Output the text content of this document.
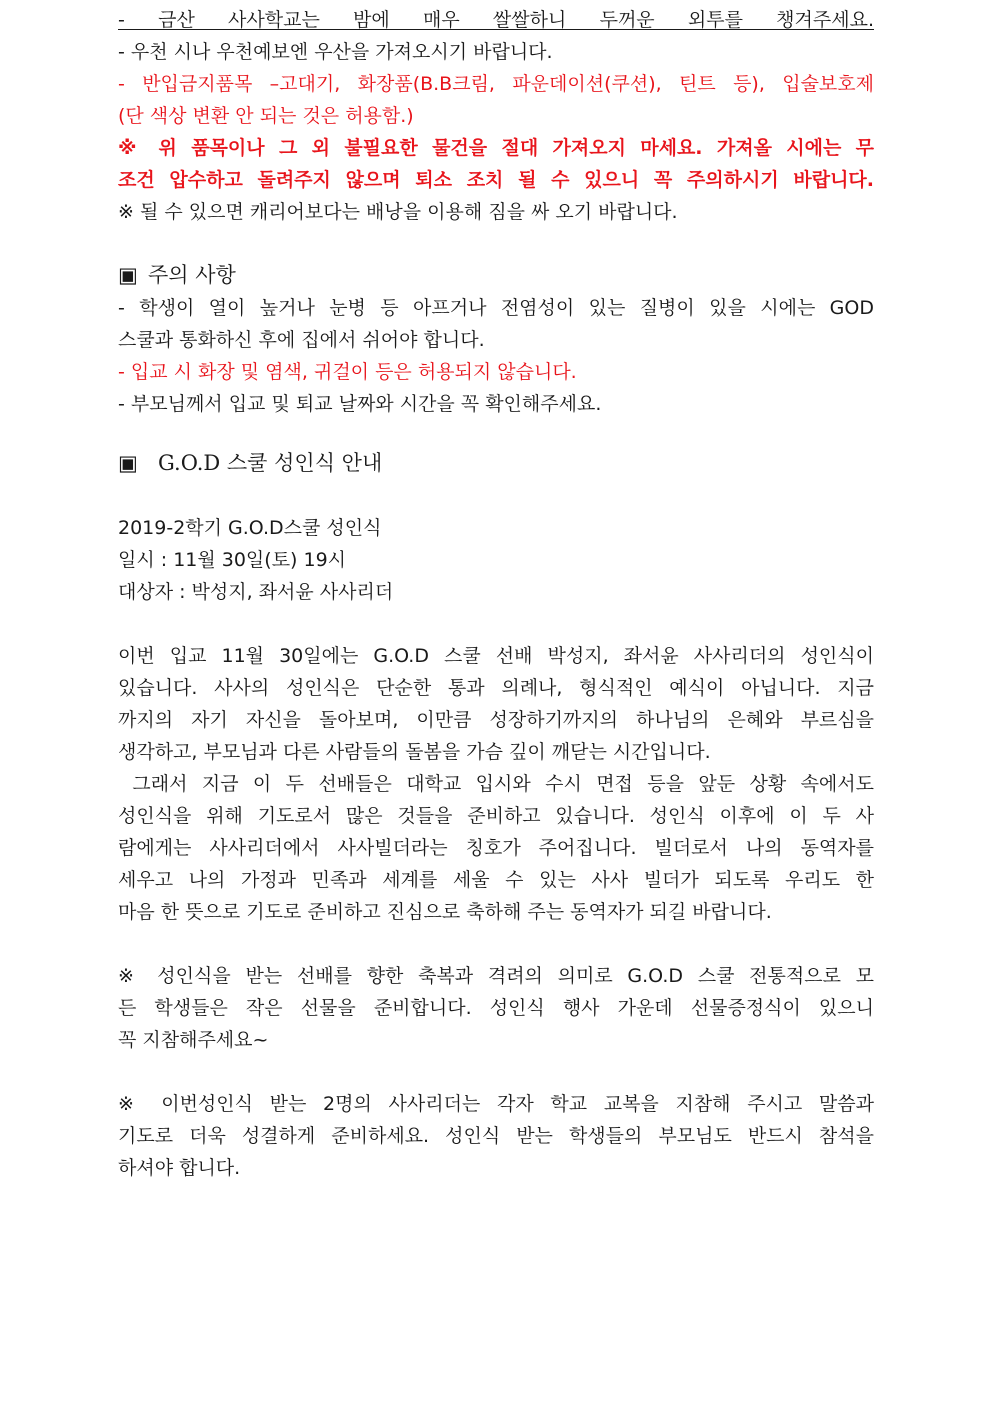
- 금산 사사학교는 밤에 매우 쌀쌀하니 두꺼운 외투를 챙겨주세요.
- 우천 시나 우천예보엔 우산을 가져오시기 바랍니다.
- 반입금지품목 –고대기, 화장품(B.B크림, 파운데이션(쿠션), 틴트 등), 입술보호제
(단 색상 변환 안 되는 것은 허용함.)
※ 위 품목이나 그 외 불필요한 물건을 절대 가져오지 마세요. 가져올 시에는 무
조건 압수하고 돌려주지 않으며 퇴소 조치 될 수 있으니 꼭 주의하시기 바랍니다.
※ 될 수 있으면 캐리어보다는 배낭을 이용해 짐을 싸 오기 바랍니다.
▣ 주의 사항
- 학생이 열이 높거나 눈병 등 아프거나 전염성이 있는 질병이 있을 시에는 GOD
스쿨과 통화하신 후에 집에서 쉬어야 합니다.
- 입교 시 화장 및 염색, 귀걸이 등은 허용되지 않습니다.
- 부모님께서 입교 및 퇴교 날짜와 시간을 꼭 확인해주세요.
▣ G.O.D 스쿨 성인식 안내
2019-2학기 G.O.D스쿨 성인식
일시 : 11월 30일(토) 19시
대상자 : 박성지, 좌서윤 사사리더
이번 입교 11월 30일에는 G.O.D 스쿨 선배 박성지, 좌서윤 사사리더의 성인식이
있습니다. 사사의 성인식은 단순한 통과 의례나, 형식적인 예식이 아닙니다. 지금
까지의 자기 자신을 돌아보며, 이만큼 성장하기까지의 하나님의 은혜와 부르심을
생각하고, 부모님과 다른 사람들의 돌봄을 가슴 깊이 깨닫는 시간입니다.
그래서 지금 이 두 선배들은 대학교 입시와 수시 면접 등을 앞둔 상황 속에서도
성인식을 위해 기도로서 많은 것들을 준비하고 있습니다. 성인식 이후에 이 두 사
람에게는 사사리더에서 사사빌더라는 칭호가 주어집니다. 빌더로서 나의 동역자를
세우고 나의 가정과 민족과 세계를 세울 수 있는 사사 빌더가 되도록 우리도 한
마음 한 뜻으로 기도로 준비하고 진심으로 축하해 주는 동역자가 되길 바랍니다.
※ 성인식을 받는 선배를 향한 축복과 격려의 의미로 G.O.D 스쿨 전통적으로 모
든 학생들은 작은 선물을 준비합니다. 성인식 행사 가운데 선물증정식이 있으니
꼭 지참해주세요~
※ 이번성인식 받는 2명의 사사리더는 각자 학교 교복을 지참해 주시고 말씀과
기도로 더욱 성결하게 준비하세요. 성인식 받는 학생들의 부모님도 반드시 참석을
하셔야 합니다.
